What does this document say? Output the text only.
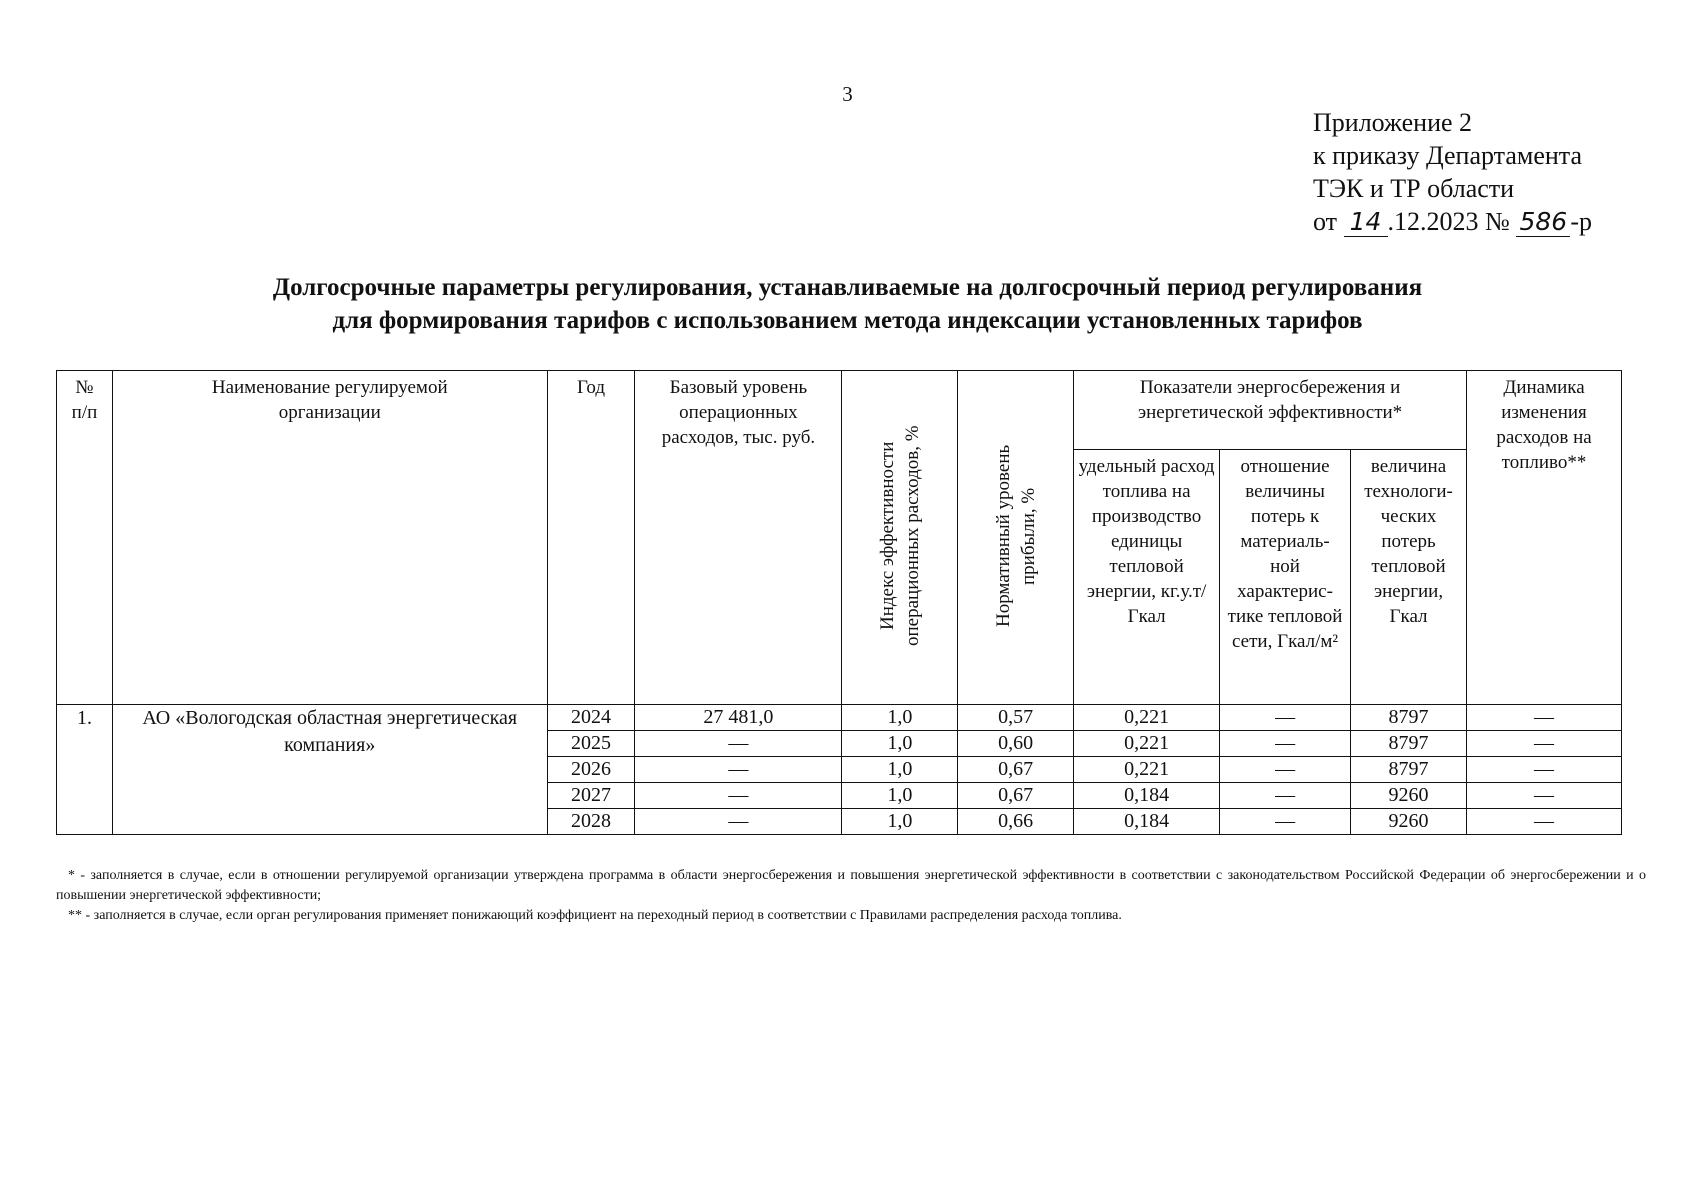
3
Приложение 2
к приказу Департамента
ТЭК и ТР области
от 14 .12.2023 № 586 -р
Долгосрочные параметры регулирования, устанавливаемые на долгосрочный период регулирования
для формирования тарифов с использованием метода индексации установленных тарифов
№ п/п	Наименование регулируемой организации	Год	Базовый уровень операционных расходов, тыс. руб.	Индекс эффективности операционных расходов, %	Нормативный уровень прибыли, %	Показатели энергосбережения и энергетической эффективности*			Динамика изменения расходов на топливо**

						удельный расход топлива на производство единицы тепловой энергии, кг.у.т/Гкал	отношение величины потерь к материаль-ной характерис-тике тепловой сети, Гкал/м²	величина технологи-ческих потерь тепловой энергии, Гкал	

1.	АО «Вологодская областная энергетическая компания»	2024	27 481,0	1,0	0,57	0,221	—	8797	—
		2025	—	1,0	0,60	0,221	—	8797	—
		2026	—	1,0	0,67	0,221	—	8797	—
		2027	—	1,0	0,67	0,184	—	9260	—
		2028	—	1,0	0,66	0,184	—	9260	—

* - заполняется в случае, если в отношении регулируемой организации утверждена программа в области энергосбережения и повышения энергетической эффективности в соответствии с законодательством Российской Федерации об энергосбережении и о повышении энергетической эффективности;

** - заполняется в случае, если орган регулирования применяет понижающий коэффициент на переходный период в соответствии с Правилами распределения расхода топлива.
